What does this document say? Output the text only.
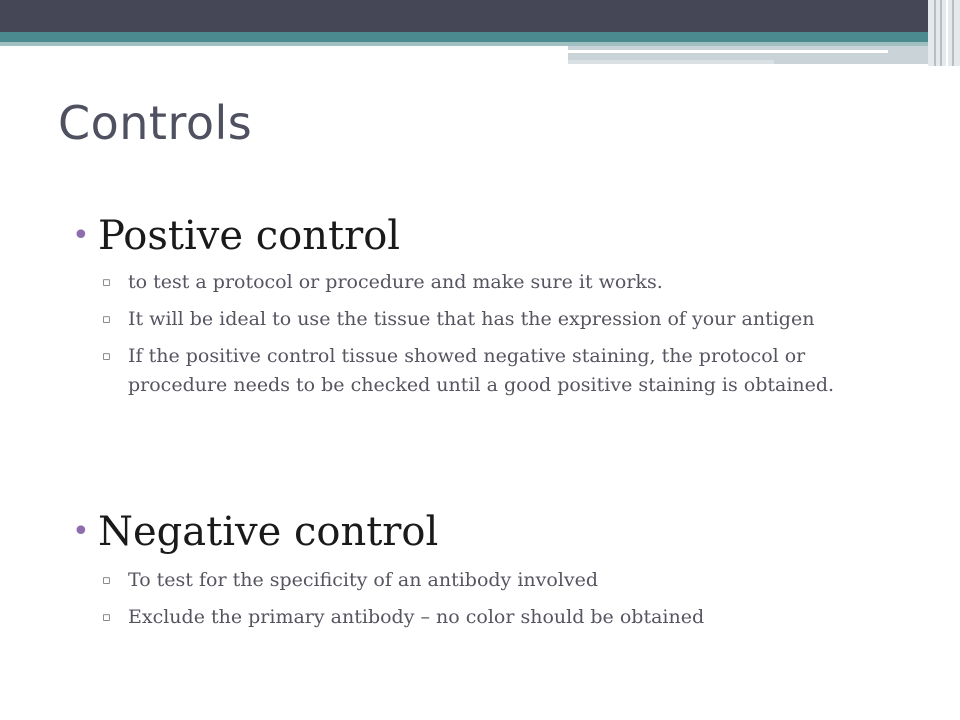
Controls
• Postive control
▫ to test a protocol or procedure and make sure it works.
▫ It will be ideal to use the tissue that has the expression of your antigen
▫ If the positive control tissue showed negative staining, the protocol or procedure needs to be checked until a good positive staining is obtained.
• Negative control
▫ To test for the specificity of an antibody involved
▫ Exclude the primary antibody – no color should be obtained
